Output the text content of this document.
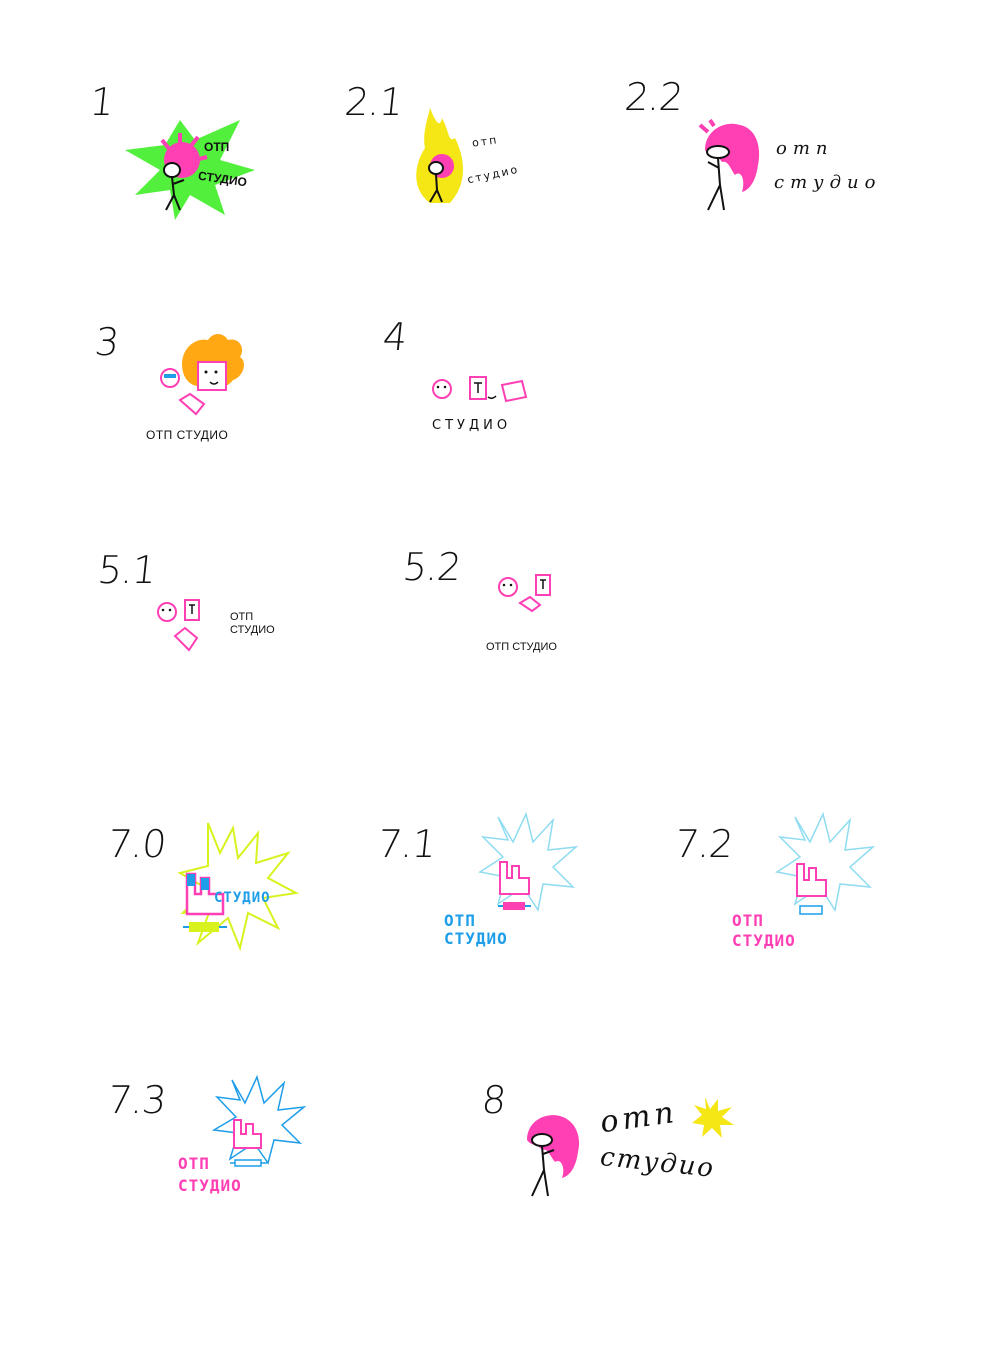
1
ОТП
СТУДИО
2.1
отп
студио
2.2
отп
студио
3
ОТП СТУДИО
4
СТУДИО
5.1
ОТП
СТУДИО
5.2
ОТП СТУДИО
7.0
СТУДИО
7.1
ОТП
СТУДИО
7.2
ОТП
СТУДИО
7.3
ОТП
СТУДИО
8	отп
студио
